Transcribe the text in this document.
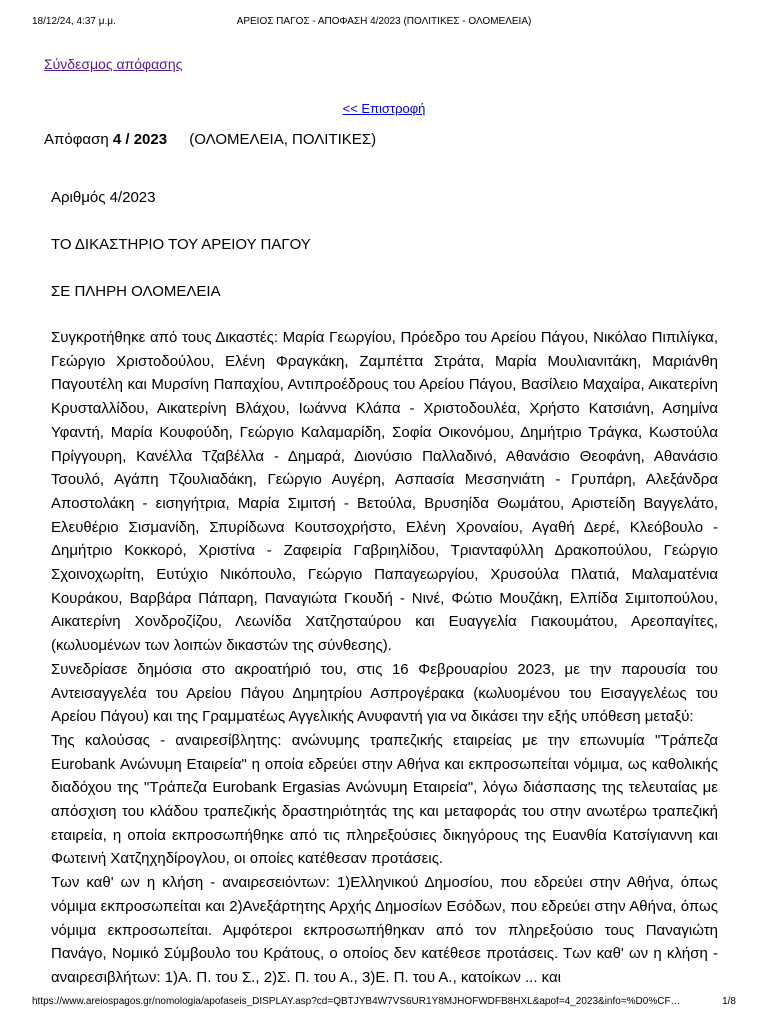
18/12/24, 4:37 μ.μ.	ΑΡΕΙΟΣ ΠΑΓΟΣ - ΑΠΟΦΑΣΗ 4/2023 (ΠΟΛΙΤΙΚΕΣ - ΟΛΟΜΕΛΕΙΑ)
Σύνδεσμος απόφασης
<< Επιστροφή
Απόφαση 4 / 2023 (ΟΛΟΜΕΛΕΙΑ, ΠΟΛΙΤΙΚΕΣ)
Αριθμός 4/2023
ΤΟ ΔΙΚΑΣΤΗΡΙΟ ΤΟΥ ΑΡΕΙΟΥ ΠΑΓΟΥ
ΣΕ ΠΛΗΡΗ ΟΛΟΜΕΛΕΙΑ

Συγκροτήθηκε από τους Δικαστές: Μαρία Γεωργίου, Πρόεδρο του Αρείου Πάγου, Νικόλαο Πιπιλίγκα, Γεώργιο Χριστοδούλου, Ελένη Φραγκάκη, Ζαμπέττα Στράτα, Μαρία Μουλιανιτάκη, Μαριάνθη Παγουτέλη και Μυρσίνη Παπαχίου, Αντιπροέδρους του Αρείου Πάγου, Βασίλειο Μαχαίρα, Αικατερίνη Κρυσταλλίδου, Αικατερίνη Βλάχου, Ιωάννα Κλάπα - Χριστοδουλέα, Χρήστο Κατσιάνη, Ασημίνα Υφαντή, Μαρία Κουφούδη, Γεώργιο Καλαμαρίδη, Σοφία Οικονόμου, Δημήτριο Τράγκα, Κωστούλα Πρίγγουρη, Κανέλλα Τζαβέλλα - Δημαρά, Διονύσιο Παλλαδινό, Αθανάσιο Θεοφάνη, Αθανάσιο Τσουλό, Αγάπη Τζουλιαδάκη, Γεώργιο Αυγέρη, Ασπασία Μεσσηνιάτη - Γρυπάρη, Αλεξάνδρα Αποστολάκη - εισηγήτρια, Μαρία Σιμιτσή - Βετούλα, Βρυσηίδα Θωμάτου, Αριστείδη Βαγγελάτο, Ελευθέριο Σισμανίδη, Σπυρίδωνα Κουτσοχρήστο, Ελένη Χροναίου, Αγαθή Δερέ, Κλεόβουλο - Δημήτριο Κοκκορό, Χριστίνα - Ζαφειρία Γαβριηλίδου, Τριανταφύλλη Δρακοπούλου, Γεώργιο Σχοινοχωρίτη, Ευτύχιο Νικόπουλο, Γεώργιο Παπαγεωργίου, Χρυσούλα Πλατιά, Μαλαματένια Κουράκου, Βαρβάρα Πάπαρη, Παναγιώτα Γκουδή - Νινέ, Φώτιο Μουζάκη, Ελπίδα Σιμιτοπούλου, Αικατερίνη Χονδροζίζου, Λεωνίδα Χατζησταύρου και Ευαγγελία Γιακουμάτου, Αρεοπαγίτες, (κωλυομένων των λοιπών δικαστών της σύνθεσης).

Συνεδρίασε δημόσια στο ακροατήριό του, στις 16 Φεβρουαρίου 2023, με την παρουσία του Αντεισαγγελέα του Αρείου Πάγου Δημητρίου Ασπρογέρακα (κωλυομένου του Εισαγγελέως του Αρείου Πάγου) και της Γραμματέως Αγγελικής Ανυφαντή για να δικάσει την εξής υπόθεση μεταξύ:

Της καλούσας - αναιρεσίβλητης: ανώνυμης τραπεζικής εταιρείας με την επωνυμία "Τράπεζα Eurobank Ανώνυμη Εταιρεία" η οποία εδρεύει στην Αθήνα και εκπροσωπείται νόμιμα, ως καθολικής διαδόχου της "Τράπεζα Eurobank Ergasias Ανώνυμη Εταιρεία", λόγω διάσπασης της τελευταίας με απόσχιση του κλάδου τραπεζικής δραστηριότητάς της και μεταφοράς του στην ανωτέρω τραπεζική εταιρεία, η οποία εκπροσωπήθηκε από τις πληρεξούσιες δικηγόρους της Ευανθία Κατσίγιαννη και Φωτεινή Χατζηχηδίρογλου, οι οποίες κατέθεσαν προτάσεις.

Των καθ' ων η κλήση - αναιρεσειόντων: 1)Ελληνικού Δημοσίου, που εδρεύει στην Αθήνα, όπως νόμιμα εκπροσωπείται και 2)Ανεξάρτητης Αρχής Δημοσίων Εσόδων, που εδρεύει στην Αθήνα, όπως νόμιμα εκπροσωπείται. Αμφότεροι εκπροσωπήθηκαν από τον πληρεξούσιο τους Παναγιώτη Πανάγο, Νομικό Σύμβουλο του Κράτους, ο οποίος δεν κατέθεσε προτάσεις. Των καθ' ων η κλήση - αναιρεσιβλήτων: 1)Α. Π. του Σ., 2)Σ. Π. του Α., 3)Ε. Π. του Α., κατοίκων ... και

https://www.areiospagos.gr/nomologia/apofaseis_DISPLAY.asp?cd=QBTJYB4W7VS6UR1Y8MJHOFWDFB8HXL&apof=4_2023&info=%D0%CF…	1/8
